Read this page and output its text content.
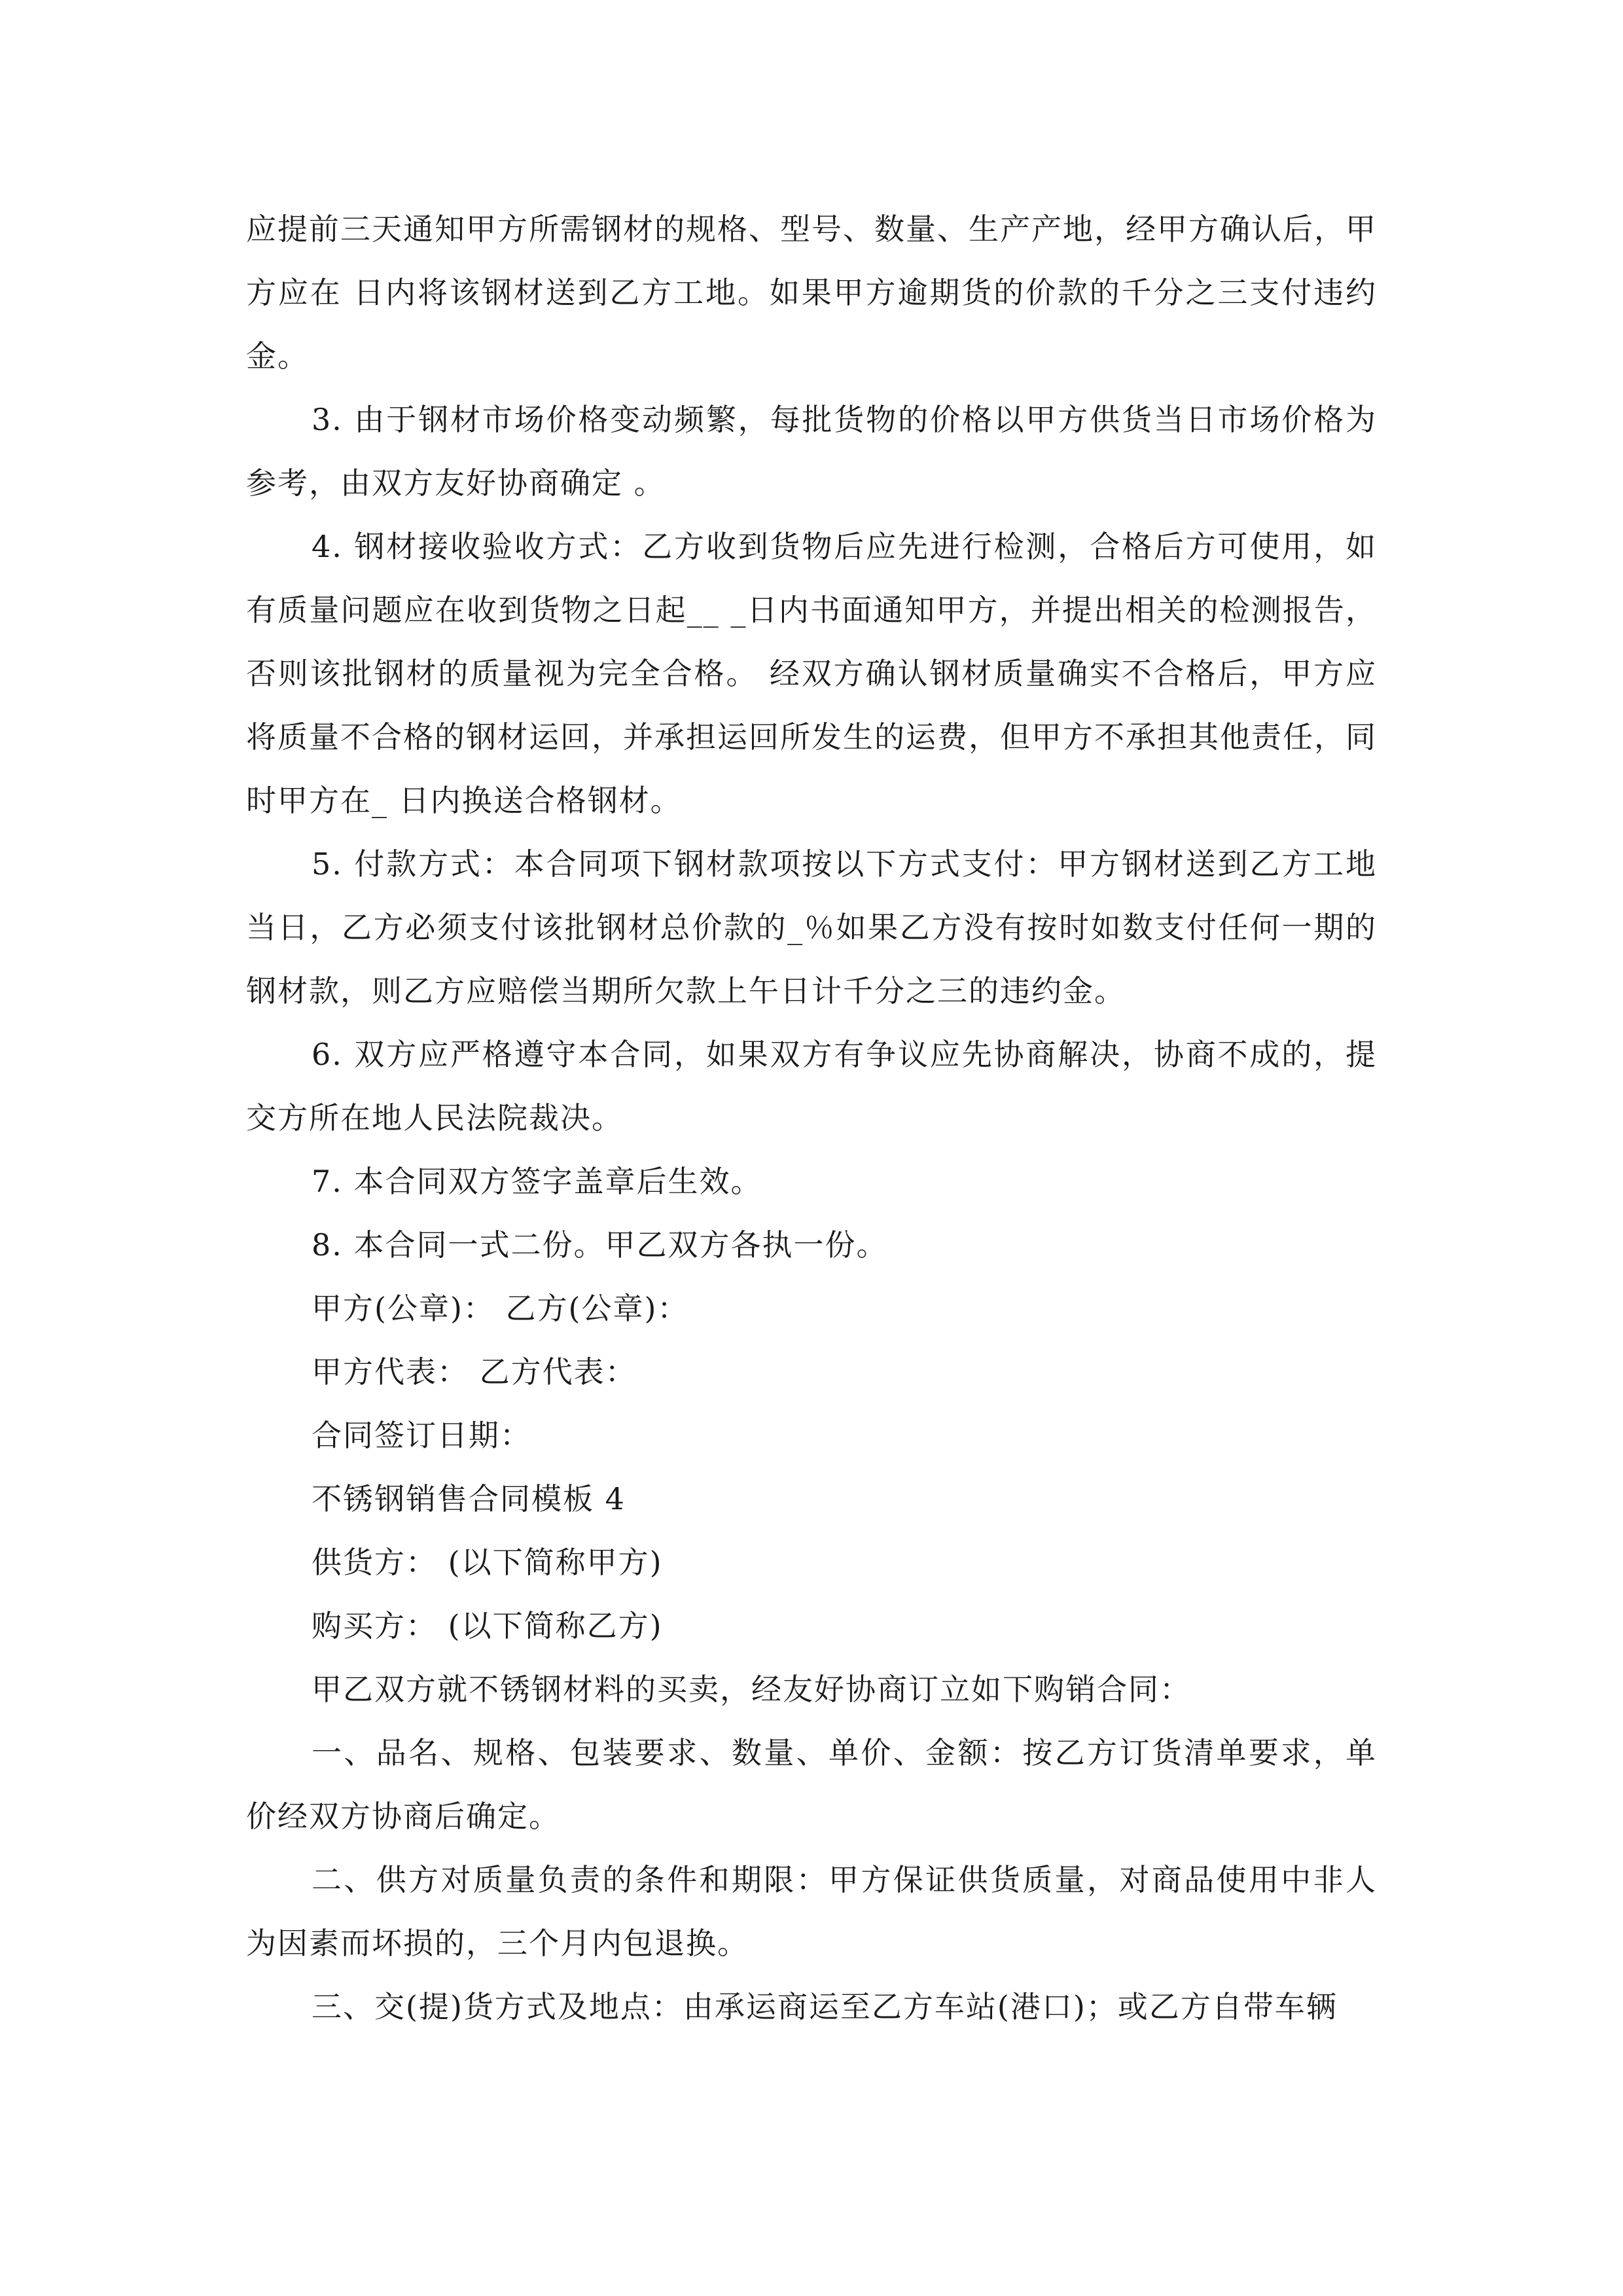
应提前三天通知甲方所需钢材的规格、型号、数量、生产产地，经甲方确认后，甲方应在 日内将该钢材送到乙方工地。如果甲方逾期货的价款的千分之三支付违约金。

3. 由于钢材市场价格变动频繁，每批货物的价格以甲方供货当日市场价格为参考，由双方友好协商确定 。

4. 钢材接收验收方式：乙方收到货物后应先进行检测，合格后方可使用，如有质量问题应在收到货物之日起__ _日内书面通知甲方，并提出相关的检测报告，否则该批钢材的质量视为完全合格。 经双方确认钢材质量确实不合格后，甲方应将质量不合格的钢材运回，并承担运回所发生的运费，但甲方不承担其他责任，同时甲方在_ 日内换送合格钢材。

5. 付款方式：本合同项下钢材款项按以下方式支付：甲方钢材送到乙方工地当日，乙方必须支付该批钢材总价款的_％如果乙方没有按时如数支付任何一期的钢材款，则乙方应赔偿当期所欠款上午日计千分之三的违约金。

6. 双方应严格遵守本合同，如果双方有争议应先协商解决，协商不成的，提交方所在地人民法院裁决。

7. 本合同双方签字盖章后生效。

8. 本合同一式二份。甲乙双方各执一份。

甲方(公章)： 乙方(公章)：

甲方代表： 乙方代表：

合同签订日期：

不锈钢销售合同模板 4

供货方： (以下简称甲方)

购买方： (以下简称乙方)

甲乙双方就不锈钢材料的买卖，经友好协商订立如下购销合同：

一、品名、规格、包装要求、数量、单价、金额：按乙方订货清单要求，单价经双方协商后确定。

二、供方对质量负责的条件和期限：甲方保证供货质量，对商品使用中非人为因素而坏损的，三个月内包退换。

三、交(提)货方式及地点：由承运商运至乙方车站(港口)；或乙方自带车辆
